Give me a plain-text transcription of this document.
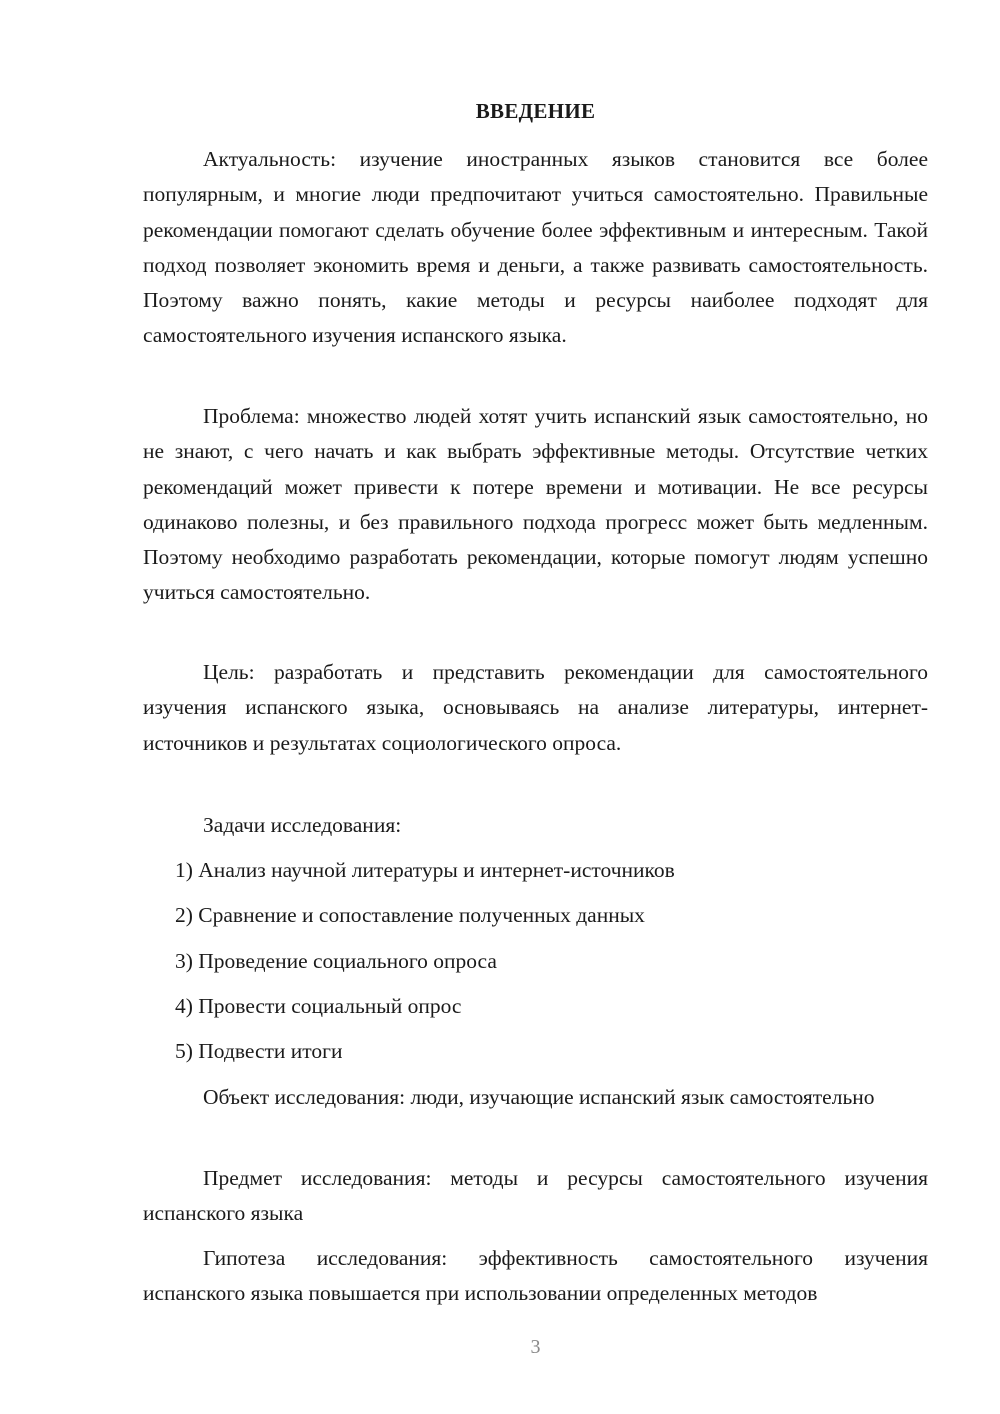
ВВЕДЕНИЕ

Актуальность: изучение иностранных языков становится все более популярным, и многие люди предпочитают учиться самостоятельно. Правильные рекомендации помогают сделать обучение более эффективным и интересным. Такой подход позволяет экономить время и деньги, а также развивать самостоятельность. Поэтому важно понять, какие методы и ресурсы наиболее подходят для самостоятельного изучения испанского языка.

Проблема: множество людей хотят учить испанский язык самостоятельно, но не знают, с чего начать и как выбрать эффективные методы. Отсутствие четких рекомендаций может привести к потере времени и мотивации. Не все ресурсы одинаково полезны, и без правильного подхода прогресс может быть медленным. Поэтому необходимо разработать рекомендации, которые помогут людям успешно учиться самостоятельно.

Цель: разработать и представить рекомендации для самостоятельного изучения испанского языка, основываясь на анализе литературы, интернет-источников и результатах социологического опроса.

Задачи исследования:

1) Анализ научной литературы и интернет-источников

2) Сравнение и сопоставление полученных данных

3) Проведение социального опроса

4) Провести социальный опрос

5) Подвести итоги

Объект исследования: люди, изучающие испанский язык самостоятельно

Предмет исследования: методы и ресурсы самостоятельного изучения испанского языка

Гипотеза исследования: эффективность самостоятельного изучения испанского языка повышается при использовании определенных методов

3
